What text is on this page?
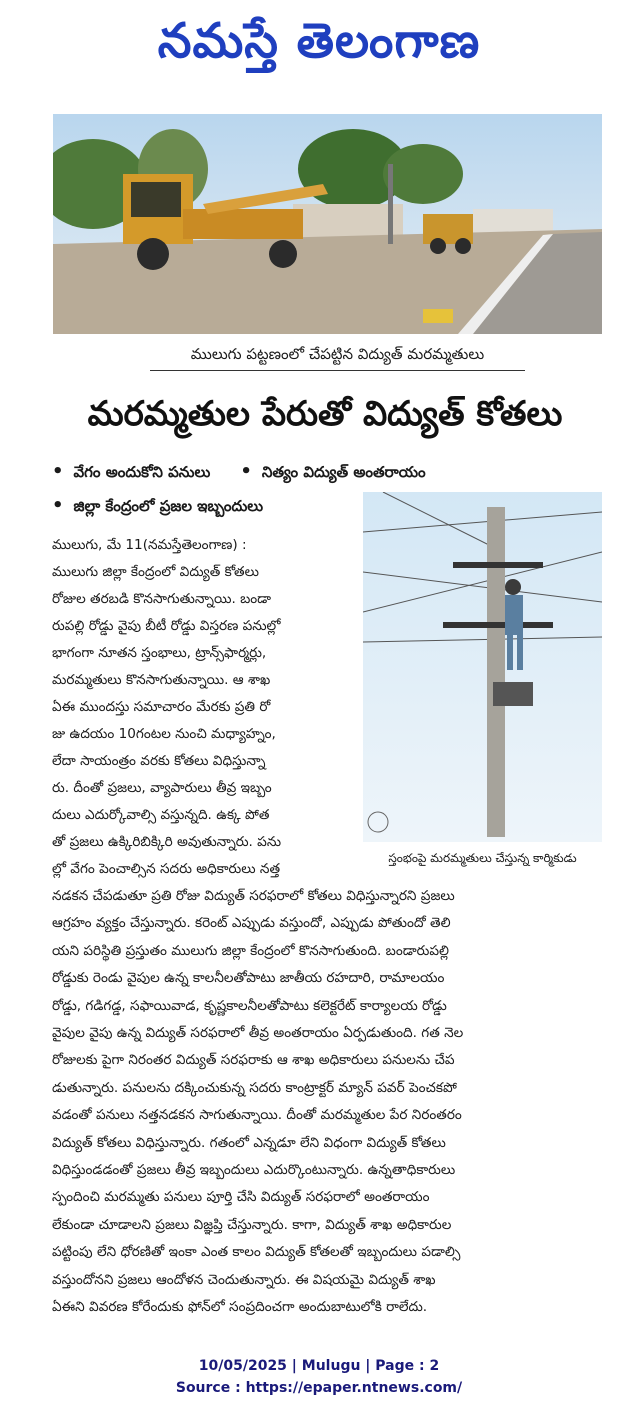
నమస్తే తెలంగాణ
ములుగు పట్టణంలో చేపట్టిన విద్యుత్ మరమ్మతులు
మరమ్మతుల పేరుతో విద్యుత్ కోతలు
• వేగం అందుకోని పనులు • నిత్యం విద్యుత్ అంతరాయం
• జిల్లా కేంద్రంలో ప్రజల ఇబ్బందులు
స్తంభంపై మరమ్మతులు చేస్తున్న కార్మికుడు
ములుగు, మే 11(నమస్తేతెలంగాణ) :
ములుగు జిల్లా కేంద్రంలో విద్యుత్ కోతలు
రోజుల తరబడి కొనసాగుతున్నాయి. బండా
రుపల్లి రోడ్డు వైపు బీటీ రోడ్డు విస్తరణ పనుల్లో
భాగంగా నూతన స్తంభాలు, ట్రాన్స్‌ఫార్మర్లు,
మరమ్మతులు కొనసాగుతున్నాయి. ఆ శాఖ
ఏఈ ముందస్తు సమాచారం మేరకు ప్రతి రో
జు ఉదయం 10గంటల నుంచి మధ్యాహ్నం,
లేదా సాయంత్రం వరకు కోతలు విధిస్తున్నా
రు. దీంతో ప్రజలు, వ్యాపారులు తీవ్ర ఇబ్బం
దులు ఎదుర్కోవాల్సి వస్తున్నది. ఉక్క పోత
తో ప్రజలు ఉక్కిరిబిక్కిరి అవుతున్నారు. పను
ల్లో వేగం పెంచాల్సిన సదరు అధికారులు నత్త
నడకన చేపడుతూ ప్రతి రోజు విద్యుత్ సరఫరాలో కోతలు విధిస్తున్నారని ప్రజలు
ఆగ్రహం వ్యక్తం చేస్తున్నారు. కరెంట్ ఎప్పుడు వస్తుందో, ఎప్పుడు పోతుందో తెలి
యని పరిస్థితి ప్రస్తుతం ములుగు జిల్లా కేంద్రంలో కొనసాగుతుంది. బండారుపల్లి
రోడ్డుకు రెండు వైపుల ఉన్న కాలనీలతోపాటు జాతీయ రహదారి, రామాలయం
రోడ్డు, గడిగడ్డ, సఫాయివాడ, కృష్ణకాలనీలతోపాటు కలెక్టరేట్ కార్యాలయ రోడ్డు
వైపుల వైపు ఉన్న విద్యుత్ సరఫరాలో తీవ్ర అంతరాయం ఏర్పడుతుంది. గత నెల
రోజులకు పైగా నిరంతర విద్యుత్ సరఫరాకు ఆ శాఖ అధికారులు పనులను చేప
డుతున్నారు. పనులను దక్కించుకున్న సదరు కాంట్రాక్టర్ మ్యాన్ పవర్ పెంచకపో
వడంతో పనులు నత్తనడకన సాగుతున్నాయి. దీంతో మరమ్మతుల పేర నిరంతరం
విద్యుత్ కోతలు విధిస్తున్నారు. గతంలో ఎన్నడూ లేని విధంగా విద్యుత్ కోతలు
విధిస్తుండడంతో ప్రజలు తీవ్ర ఇబ్బందులు ఎదుర్కొంటున్నారు. ఉన్నతాధికారులు
స్పందించి మరమ్మతు పనులు పూర్తి చేసి విద్యుత్ సరఫరాలో అంతరాయం
లేకుండా చూడాలని ప్రజలు విజ్ఞప్తి చేస్తున్నారు. కాగా, విద్యుత్ శాఖ అధికారుల
పట్టింపు లేని ధోరణితో ఇంకా ఎంత కాలం విద్యుత్ కోతలతో ఇబ్బందులు పడాల్సి
వస్తుందోనని ప్రజలు ఆందోళన చెందుతున్నారు. ఈ విషయమై విద్యుత్ శాఖ
ఏఈని వివరణ కోరేందుకు ఫోన్‌లో సంప్రదించగా అందుబాటులోకి రాలేదు.
10/05/2025 | Mulugu | Page : 2
Source : https://epaper.ntnews.com/
